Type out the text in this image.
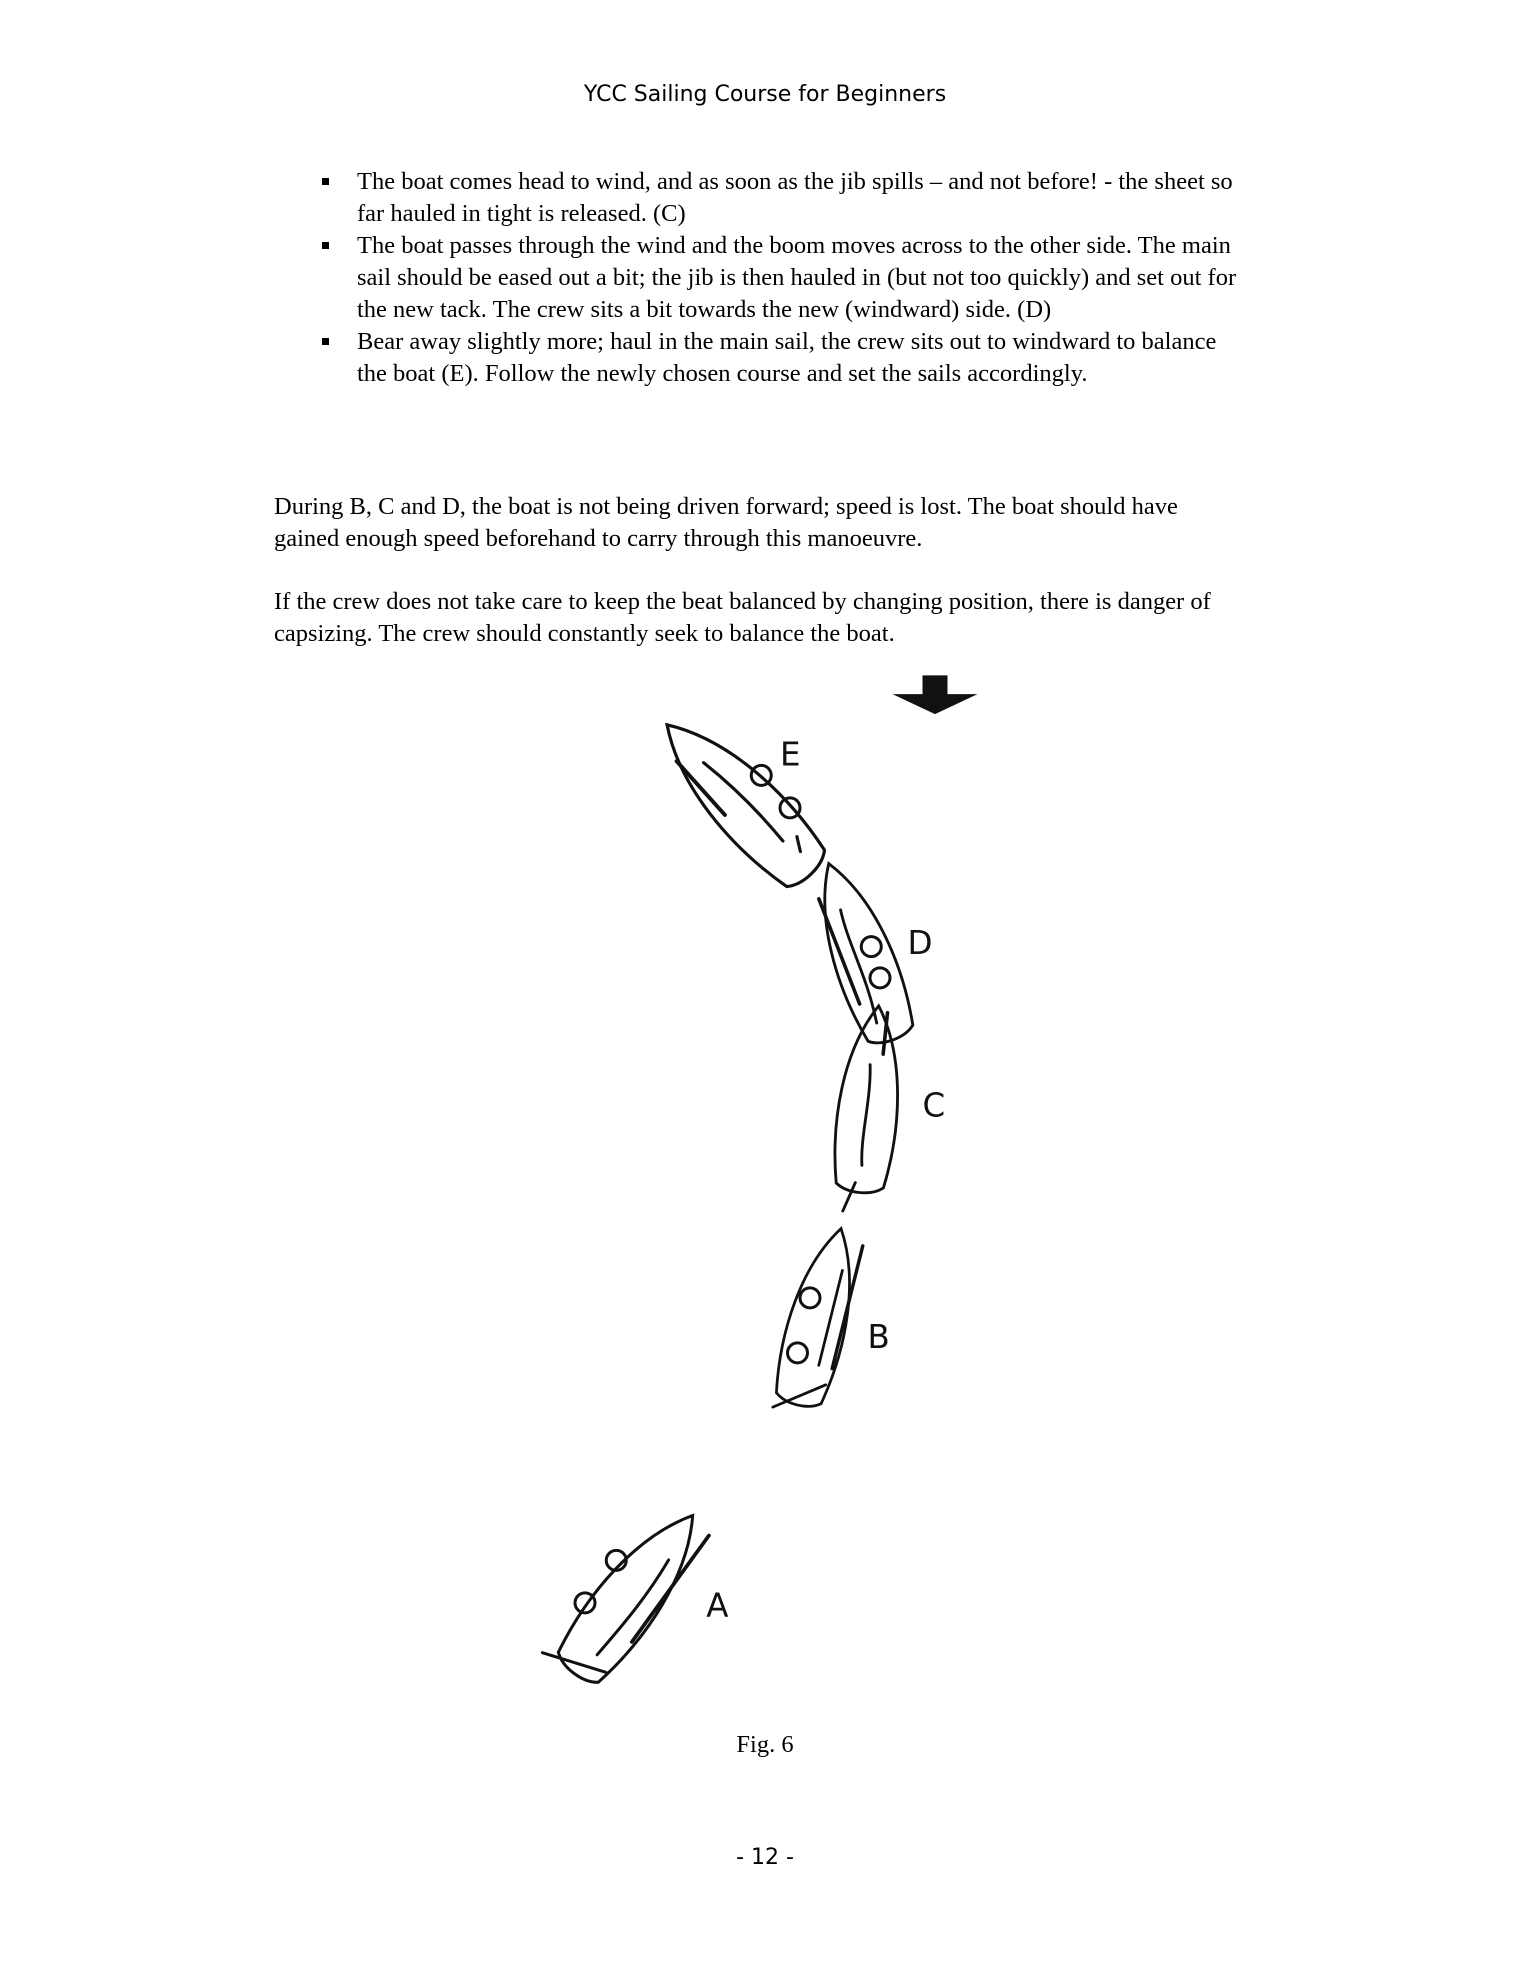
YCC Sailing Course for Beginners
The boat comes head to wind, and as soon as the jib spills – and not before! - the sheet so far hauled in tight is released. (C)
The boat passes through the wind and the boom moves across to the other side. The main sail should be eased out a bit; the jib is then hauled in (but not too quickly) and set out for the new tack. The crew sits a bit towards the new (windward) side. (D)
Bear away slightly more; haul in the main sail, the crew sits out to windward to balance the boat (E). Follow the newly chosen course and set the sails accordingly.

During B, C and D, the boat is not being driven forward; speed is lost. The boat should have gained enough speed beforehand to carry through this manoeuvre.

If the crew does not take care to keep the beat balanced by changing position, there is danger of capsizing. The crew should constantly seek to balance the boat.

E
D
C
B
A
Fig. 6
- 12 -
